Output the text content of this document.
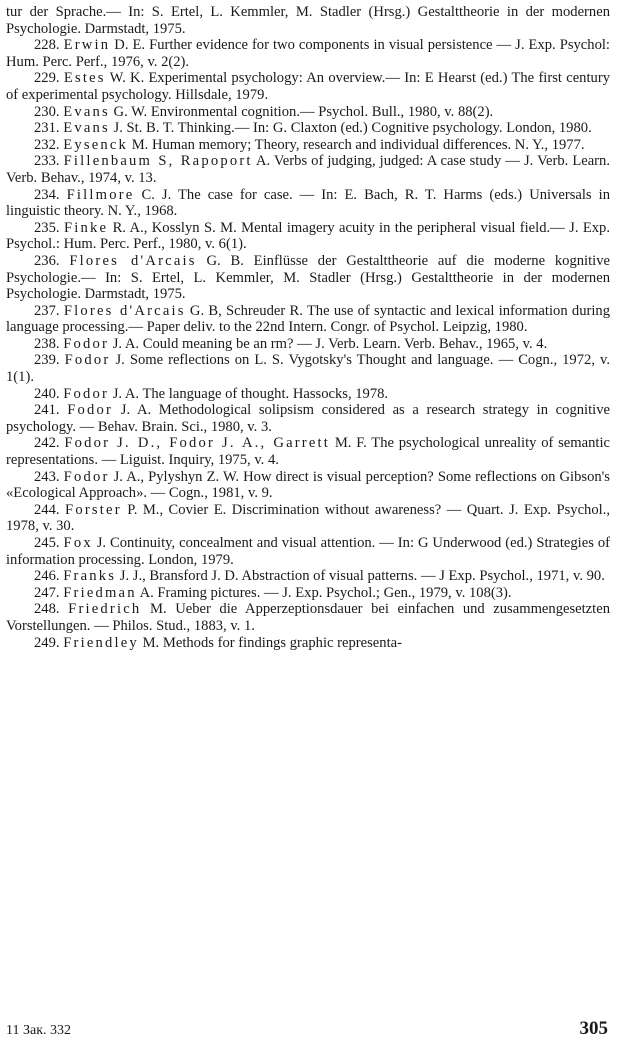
tur der Sprache.— In: S. Ertel, L. Kemmler, M. Stadler (Hrsg.) Gestalttheorie in der modernen Psychologie. Darmstadt, 1975.

228. Erwin D. E. Further evidence for two components in visual persistence — J. Exp. Psychol: Hum. Perc. Perf., 1976, v. 2(2).

229. Estes W. K. Experimental psychology: An overview.— In: E Hearst (ed.) The first century of experimental psychology. Hillsdale, 1979.

230. Evans G. W. Environmental cognition.— Psychol. Bull., 1980, v. 88(2).

231. Evans J. St. B. T. Thinking.— In: G. Claxton (ed.) Cognitive psychology. London, 1980.

232. Eysenck M. Human memory; Theory, research and individual differences. N. Y., 1977.

233. Fillenbaum S, Rapoport A. Verbs of judging, judged: A case study — J. Verb. Learn. Verb. Behav., 1974, v. 13.

234. Fillmore C. J. The case for case. — In: E. Bach, R. T. Harms (eds.) Universals in linguistic theory. N. Y., 1968.

235. Finke R. A., Kosslyn S. M. Mental imagery acuity in the peripheral visual field.— J. Exp. Psychol.: Hum. Perc. Perf., 1980, v. 6(1).

236. Flores d'Arcais G. B. Einflüsse der Gestalttheorie auf die moderne kognitive Psychologie.— In: S. Ertel, L. Kemmler, M. Stadler (Hrsg.) Gestalttheorie in der modernen Psychologie. Darmstadt, 1975.

237. Flores d'Arcais G. B, Schreuder R. The use of syntactic and lexical information during language processing.— Paper deliv. to the 22nd Intern. Congr. of Psychol. Leipzig, 1980.

238. Fodor J. A. Could meaning be an rm? — J. Verb. Learn. Verb. Behav., 1965, v. 4.

239. Fodor J. Some reflections on L. S. Vygotsky's Thought and language. — Cogn., 1972, v. 1(1).

240. Fodor J. A. The language of thought. Hassocks, 1978.

241. Fodor J. A. Methodological solipsism considered as a research strategy in cognitive psychology. — Behav. Brain. Sci., 1980, v. 3.

242. Fodor J. D., Fodor J. A., Garrett M. F. The psychological unreality of semantic representations. — Liguist. Inquiry, 1975, v. 4.

243. Fodor J. A., Pylyshyn Z. W. How direct is visual perception? Some reflections on Gibson's «Ecological Approach». — Cogn., 1981, v. 9.

244. Forster P. M., Covier E. Discrimination without awareness? — Quart. J. Exp. Psychol., 1978, v. 30.

245. Fox J. Continuity, concealment and visual attention. — In: G Underwood (ed.) Strategies of information processing. London, 1979.

246. Franks J. J., Bransford J. D. Abstraction of visual patterns. — J Exp. Psychol., 1971, v. 90.

247. Friedman A. Framing pictures. — J. Exp. Psychol.; Gen., 1979, v. 108(3).

248. Friedrich M. Ueber die Apperzeptionsdauer bei einfachen und zusammengesetzten Vorstellungen. — Philos. Stud., 1883, v. 1.

249. Friendley M. Methods for findings graphic representa-

11 Зак. 332	305
